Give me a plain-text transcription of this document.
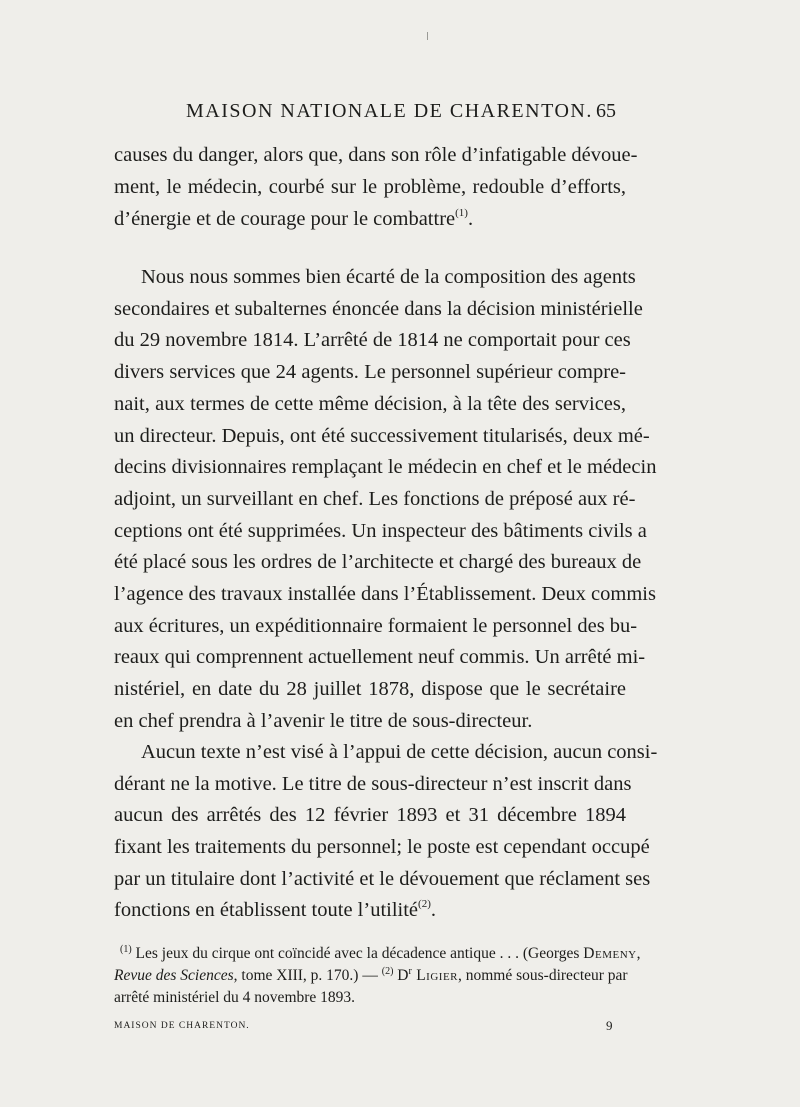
MAISON NATIONALE DE CHARENTON. 65
causes du danger, alors que, dans son rôle d’infatigable dévoue-
ment, le médecin, courbé sur le problème, redouble d’efforts,
d’énergie et de courage pour le combattre$^{(1)}$.
Nous nous sommes bien écarté de la composition des agents
secondaires et subalternes énoncée dans la décision ministérielle
du 29 novembre 1814. L’arrêté de 1814 ne comportait pour ces
divers services que 24 agents. Le personnel supérieur compre-
nait, aux termes de cette même décision, à la tête des services,
un directeur. Depuis, ont été successivement titularisés, deux mé-
decins divisionnaires remplaçant le médecin en chef et le médecin
adjoint, un surveillant en chef. Les fonctions de préposé aux ré-
ceptions ont été supprimées. Un inspecteur des bâtiments civils a
été placé sous les ordres de l’architecte et chargé des bureaux de
l’agence des travaux installée dans l’Établissement. Deux commis
aux écritures, un expéditionnaire formaient le personnel des bu-
reaux qui comprennent actuellement neuf commis. Un arrêté mi-
nistériel, en date du 28 juillet 1878, dispose que le secrétaire
en chef prendra à l’avenir le titre de sous-directeur.
Aucun texte n’est visé à l’appui de cette décision, aucun consi-
dérant ne la motive. Le titre de sous-directeur n’est inscrit dans
aucun des arrêtés des 12 février 1893 et 31 décembre 1894
fixant les traitements du personnel; le poste est cependant occupé
par un titulaire dont l’activité et le dévouement que réclament ses
fonctions en établissent toute l’utilité$^{(2)}$.
$^{(1)}$ Les jeux du cirque ont coïncidé avec la décadence antique . . . (Georges Demeny,
Revue des Sciences, tome XIII, p. 170.) — $^{(2)}$ $D^r$ Ligier, nommé sous-directeur par
arrêté ministériel du 4 novembre 1893.
MAISON DE CHARENTON.	9
